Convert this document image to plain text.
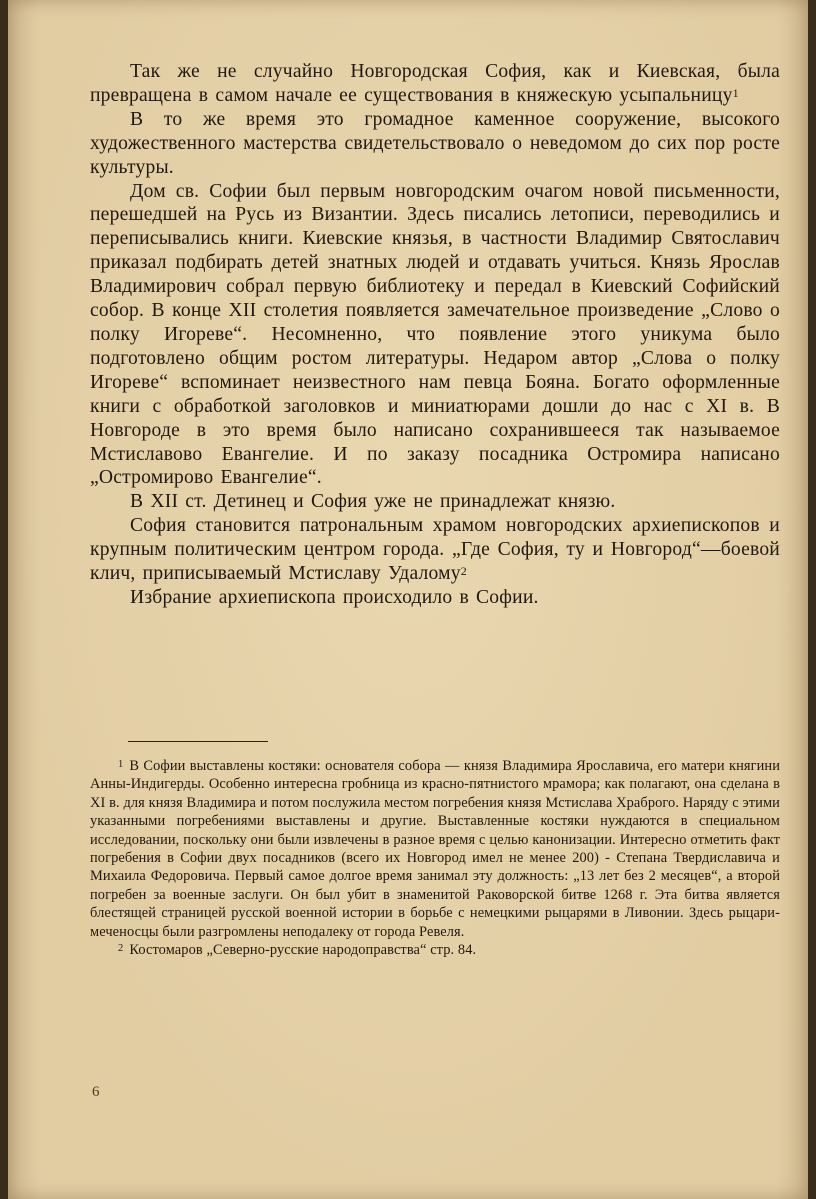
Так же не случайно Новгородская София, как и Киевская, была превращена в самом начале ее существования в княжескую усыпальницу$^1$

В то же время это громадное каменное сооружение, высокого художественного мастерства свидетельствовало о неведомом до сих пор росте культуры.

Дом св. Софии был первым новгородским очагом новой письменности, перешедшей на Русь из Византии. Здесь писались летописи, переводились и переписывались книги. Киевские князья, в частности Владимир Святославич приказал подбирать детей знатных людей и отдавать учиться. Князь Ярослав Владимирович собрал первую библиотеку и передал в Киевский Софийский собор. В конце XII столетия появляется замечательное произведение „Слово о полку Игореве“. Несомненно, что появление этого уникума было подготовлено общим ростом литературы. Недаром автор „Слова о полку Игореве“ вспоминает неизвестного нам певца Бояна. Богато оформленные книги с обработкой заголовков и миниатюрами дошли до нас с XI в. В Новгороде в это время было написано сохранившееся так называемое Мстиславово Евангелие. И по заказу посадника Остромира написано „Остромирово Евангелие“.

В XII ст. Детинец и София уже не принадлежат князю.

София становится патрональным храмом новгородских архиепископов и крупным политическим центром города. „Где София, ту и Новгород“—боевой клич, приписываемый Мстиславу Удалому$^2$

Избрание архиепископа происходило в Софии.

$^1$ В Софии выставлены костяки: основателя собора — князя Владимира Ярославича, его матери княгини Анны-Индигерды. Особенно интересна гробница из красно-пятнистого мрамора; как полагают, она сделана в XI в. для князя Владимира и потом послужила местом погребения князя Мстислава Храброго. Наряду с этими указанными погребениями выставлены и другие. Выставленные костяки нуждаются в специальном исследовании, поскольку они были извлечены в разное время с целью канонизации. Интересно отметить факт погребения в Софии двух посадников (всего их Новгород имел не менее 200) - Степана Твердиславича и Михаила Федоровича. Первый самое долгое время занимал эту должность: „13 лет без 2 месяцев“, а второй погребен за военные заслуги. Он был убит в знаменитой Раковорской битве 1268 г. Эта битва является блестящей страницей русской военной истории в борьбе с немецкими рыцарями в Ливонии. Здесь рыцари-меченосцы были разгромлены неподалеку от города Ревеля.

$^2$ Костомаров „Северно-русские народоправства“ стр. 84.

6
